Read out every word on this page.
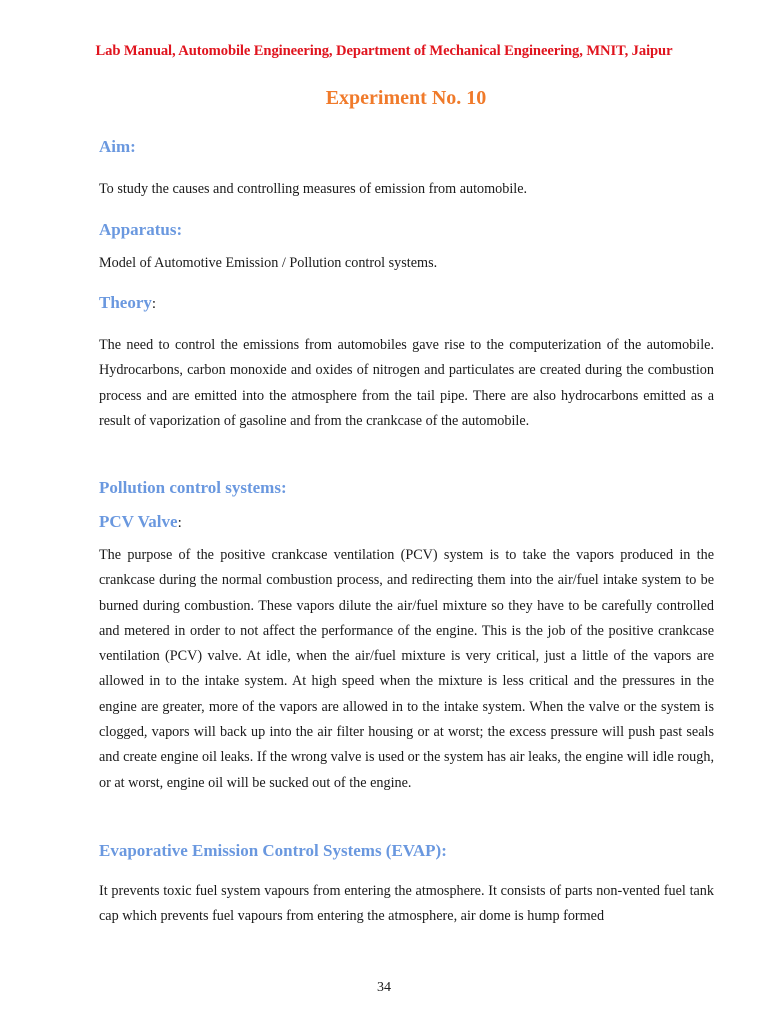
Lab Manual, Automobile Engineering, Department of Mechanical Engineering, MNIT, Jaipur
Experiment No. 10
Aim:

To study the causes and controlling measures of emission from automobile.

Apparatus:

Model of Automotive Emission / Pollution control systems.

Theory:

The need to control the emissions from automobiles gave rise to the computerization of the automobile. Hydrocarbons, carbon monoxide and oxides of nitrogen and particulates are created during the combustion process and are emitted into the atmosphere from the tail pipe. There are also hydrocarbons emitted as a result of vaporization of gasoline and from the crankcase of the automobile.

Pollution control systems:
PCV Valve:

The purpose of the positive crankcase ventilation (PCV) system is to take the vapors produced in the crankcase during the normal combustion process, and redirecting them into the air/fuel intake system to be burned during combustion. These vapors dilute the air/fuel mixture so they have to be carefully controlled and metered in order to not affect the performance of the engine. This is the job of the positive crankcase ventilation (PCV) valve. At idle, when the air/fuel mixture is very critical, just a little of the vapors are allowed in to the intake system. At high speed when the mixture is less critical and the pressures in the engine are greater, more of the vapors are allowed in to the intake system. When the valve or the system is clogged, vapors will back up into the air filter housing or at worst; the excess pressure will push past seals and create engine oil leaks. If the wrong valve is used or the system has air leaks, the engine will idle rough, or at worst, engine oil will be sucked out of the engine.

Evaporative Emission Control Systems (EVAP):

It prevents toxic fuel system vapours from entering the atmosphere. It consists of parts non-vented fuel tank cap which prevents fuel vapours from entering the atmosphere, air dome is hump formed

34
